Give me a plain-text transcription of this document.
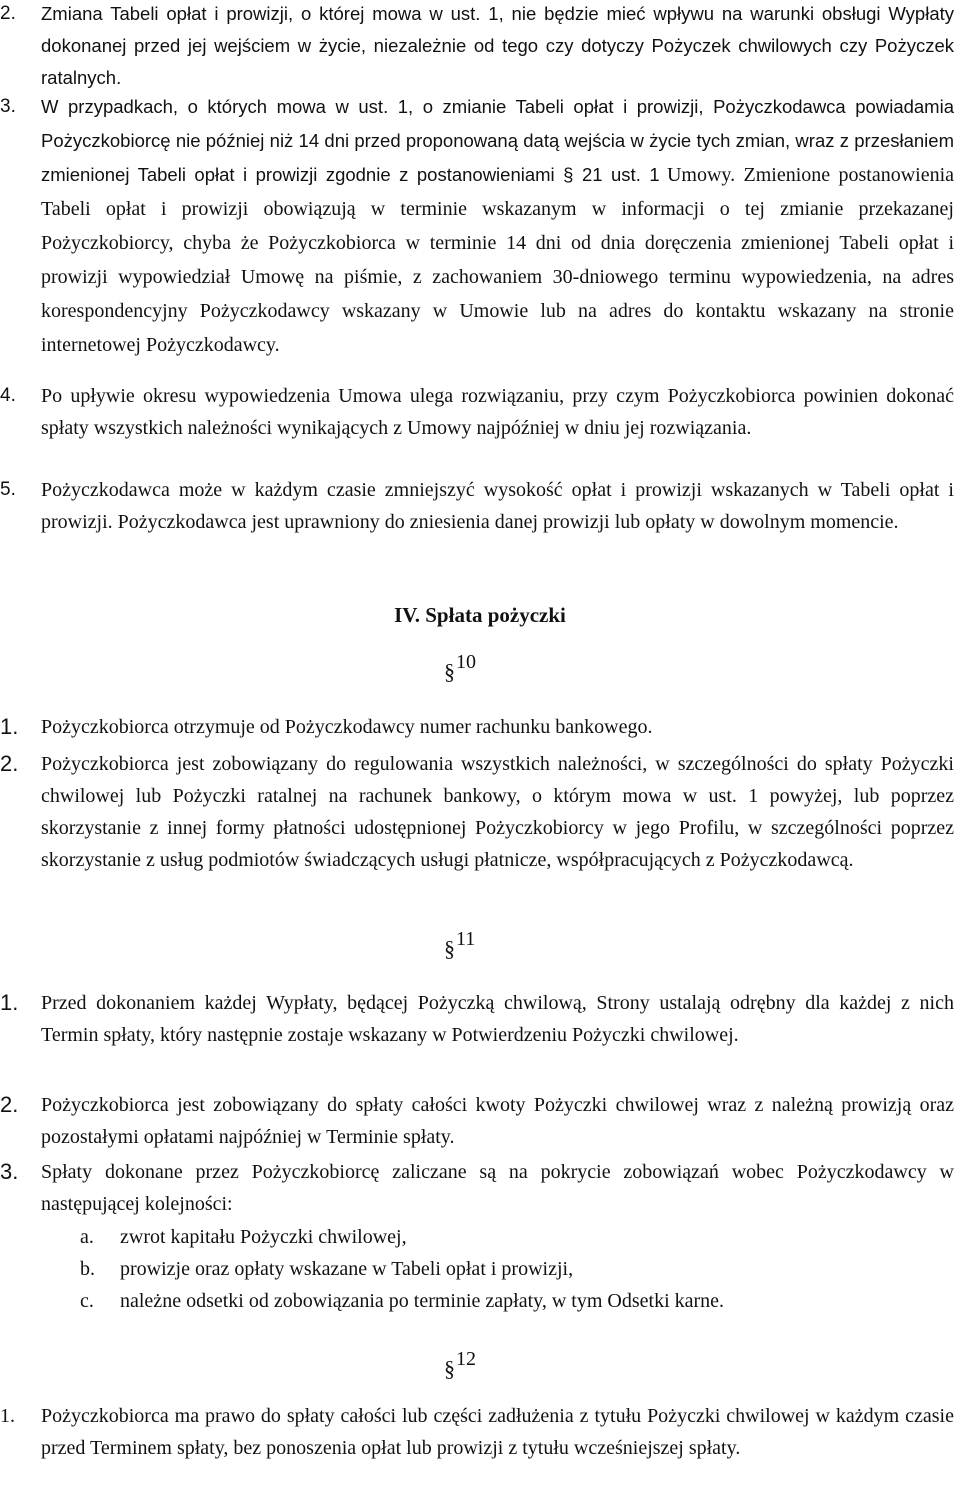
2. Zmiana Tabeli opłat i prowizji, o której mowa w ust. 1, nie będzie mieć wpływu na warunki obsługi Wypłaty dokonanej przed jej wejściem w życie, niezależnie od tego czy dotyczy Pożyczek chwilowych czy Pożyczek ratalnych.
3. W przypadkach, o których mowa w ust. 1, o zmianie Tabeli opłat i prowizji, Pożyczkodawca powiadamia Pożyczkobiorcę nie później niż 14 dni przed proponowaną datą wejścia w życie tych zmian, wraz z przesłaniem zmienionej Tabeli opłat i prowizji zgodnie z postanowieniami § 21 ust. 1 Umowy. Zmienione postanowienia Tabeli opłat i prowizji obowiązują w terminie wskazanym w informacji o tej zmianie przekazanej Pożyczkobiorcy, chyba że Pożyczkobiorca w terminie 14 dni od dnia doręczenia zmienionej Tabeli opłat i prowizji wypowiedział Umowę na piśmie, z zachowaniem 30-dniowego terminu wypowiedzenia, na adres korespondencyjny Pożyczkodawcy wskazany w Umowie lub na adres do kontaktu wskazany na stronie internetowej Pożyczkodawcy.
4. Po upływie okresu wypowiedzenia Umowa ulega rozwiązaniu, przy czym Pożyczkobiorca powinien dokonać spłaty wszystkich należności wynikających z Umowy najpóźniej w dniu jej rozwiązania.
5. Pożyczkodawca może w każdym czasie zmniejszyć wysokość opłat i prowizji wskazanych w Tabeli opłat i prowizji. Pożyczkodawca jest uprawniony do zniesienia danej prowizji lub opłaty w dowolnym momencie.
IV. Spłata pożyczki
§ 10
1. Pożyczkobiorca otrzymuje od Pożyczkodawcy numer rachunku bankowego.
2. Pożyczkobiorca jest zobowiązany do regulowania wszystkich należności, w szczególności do spłaty Pożyczki chwilowej lub Pożyczki ratalnej na rachunek bankowy, o którym mowa w ust. 1 powyżej, lub poprzez skorzystanie z innej formy płatności udostępnionej Pożyczkobiorcy w jego Profilu, w szczególności poprzez skorzystanie z usług podmiotów świadczących usługi płatnicze, współpracujących z Pożyczkodawcą.
§ 11
1. Przed dokonaniem każdej Wypłaty, będącej Pożyczką chwilową, Strony ustalają odrębny dla każdej z nich Termin spłaty, który następnie zostaje wskazany w Potwierdzeniu Pożyczki chwilowej.
2. Pożyczkobiorca jest zobowiązany do spłaty całości kwoty Pożyczki chwilowej wraz z należną prowizją oraz pozostałymi opłatami najpóźniej w Terminie spłaty.
3. Spłaty dokonane przez Pożyczkobiorcę zaliczane są na pokrycie zobowiązań wobec Pożyczkodawcy w następującej kolejności:
a. zwrot kapitału Pożyczki chwilowej,
b. prowizje oraz opłaty wskazane w Tabeli opłat i prowizji,
c. należne odsetki od zobowiązania po terminie zapłaty, w tym Odsetki karne.
§ 12
1. Pożyczkobiorca ma prawo do spłaty całości lub części zadłużenia z tytułu Pożyczki chwilowej w każdym czasie przed Terminem spłaty, bez ponoszenia opłat lub prowizji z tytułu wcześniejszej spłaty.
